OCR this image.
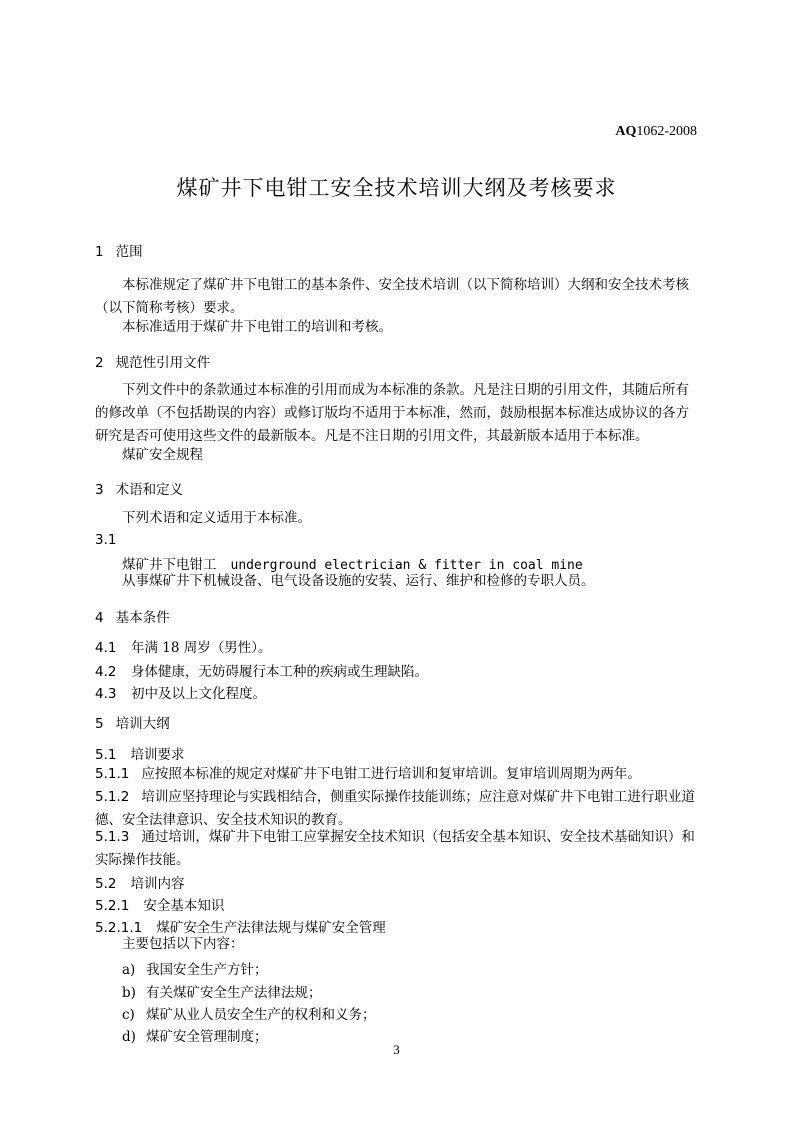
AQ1062-2008
煤矿井下电钳工安全技术培训大纲及考核要求
1 范围
本标准规定了煤矿井下电钳工的基本条件、安全技术培训（以下简称培训）大纲和安全技术考核（以下简称考核）要求。
本标准适用于煤矿井下电钳工的培训和考核。
2 规范性引用文件
下列文件中的条款通过本标准的引用而成为本标准的条款。凡是注日期的引用文件，其随后所有的修改单（不包括勘误的内容）或修订版均不适用于本标准，然而，鼓励根据本标准达成协议的各方研究是否可使用这些文件的最新版本。凡是不注日期的引用文件，其最新版本适用于本标准。
煤矿安全规程
3 术语和定义
下列术语和定义适用于本标准。
3.1
煤矿井下电钳工 underground electrician & fitter in coal mine
从事煤矿井下机械设备、电气设备设施的安装、运行、维护和检修的专职人员。
4 基本条件
4.1 年满 18 周岁（男性）。
4.2 身体健康，无妨碍履行本工种的疾病或生理缺陷。
4.3 初中及以上文化程度。
5 培训大纲
5.1 培训要求
5.1.1 应按照本标准的规定对煤矿井下电钳工进行培训和复审培训。复审培训周期为两年。
5.1.2 培训应坚持理论与实践相结合，侧重实际操作技能训练；应注意对煤矿井下电钳工进行职业道德、安全法律意识、安全技术知识的教育。
5.1.3 通过培训，煤矿井下电钳工应掌握安全技术知识（包括安全基本知识、安全技术基础知识）和实际操作技能。
5.2 培训内容
5.2.1 安全基本知识
5.2.1.1 煤矿安全生产法律法规与煤矿安全管理
主要包括以下内容：
a) 我国安全生产方针；
b) 有关煤矿安全生产法律法规；
c) 煤矿从业人员安全生产的权利和义务；
d) 煤矿安全管理制度；
3
